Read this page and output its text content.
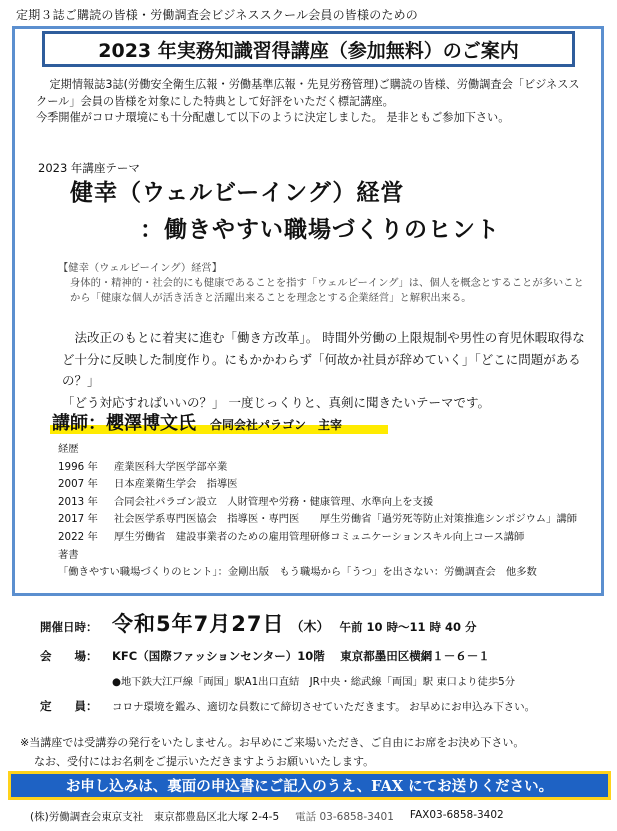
定期３誌ご購読の皆様・労働調査会ビジネススクール会員の皆様のための
2023 年実務知識習得講座（参加無料）のご案内

定期情報誌3誌(労働安全衛生広報・労働基準広報・先見労務管理)ご購読の皆様、労働調査会「ビジネススクール」会員の皆様を対象にした特典として好評をいただく標記講座。

今季開催がコロナ環境にも十分配慮して以下のように決定しました。 是非ともご参加下さい。

2023 年講座テーマ
健幸（ウェルビーイング）経営
：働きやすい職場づくりのヒント
【健幸（ウェルビーイング）経営】
身体的・精神的・社会的にも健康であることを指す「ウェルビーイング」は、個人を概念とすることが多いことから「健康な個人が活き活きと活躍出来ることを理念とする企業経営」と解釈出来る。

法改正のもとに着実に進む「働き方改革」。 時間外労働の上限規制や男性の育児休暇取得など十分に反映した制度作り。にもかかわらず「何故か社員が辞めていく」「どこに問題があるの？」

「どう対応すればいいの？」 一度じっくりと、真剣に聞きたいテーマです。

講師：櫻澤博文氏 合同会社パラゴン　主宰
経歴
1996 年	産業医科大学医学部卒業
2007 年	日本産業衛生学会　指導医
2013 年	合同会社パラゴン設立　人財管理や労務・健康管理、水準向上を支援
2017 年	社会医学系専門医協会　指導医・専門医　　厚生労働省「過労死等防止対策推進シンポジウム」講師
2022 年	厚生労働省　建設事業者のための雇用管理研修コミュニケーションスキル向上コース講師
著書
「働きやすい職場づくりのヒント」：金剛出版　もう職場から「うつ」を出さない：労働調査会　他多数
開催日時： 令和5年7月27日 （木） 午前 10 時～11 時 40 分
会　　場：	KFC（国際ファッションセンター）10階　 東京都墨田区横網１－６－１
●地下鉄大江戸線「両国」駅A1出口直結　JR中央・総武線「両国」駅 東口より徒歩5分
定　　員：	コロナ環境を鑑み、適切な員数にて締切させていただきます。 お早めにお申込み下さい。

※当講座では受講券の発行をいたしません。お早めにご来場いただき、ご自由にお席をお決め下さい。

なお、受付にはお名刺をご提示いただきますようお願いいたします。

お申し込みは、裏面の申込書にご記入のうえ、FAX にてお送りください。
(株)労働調査会東京支社　東京都豊島区北大塚 2-4-5 電話 03-6858-3401 FAX03-6858-3402
